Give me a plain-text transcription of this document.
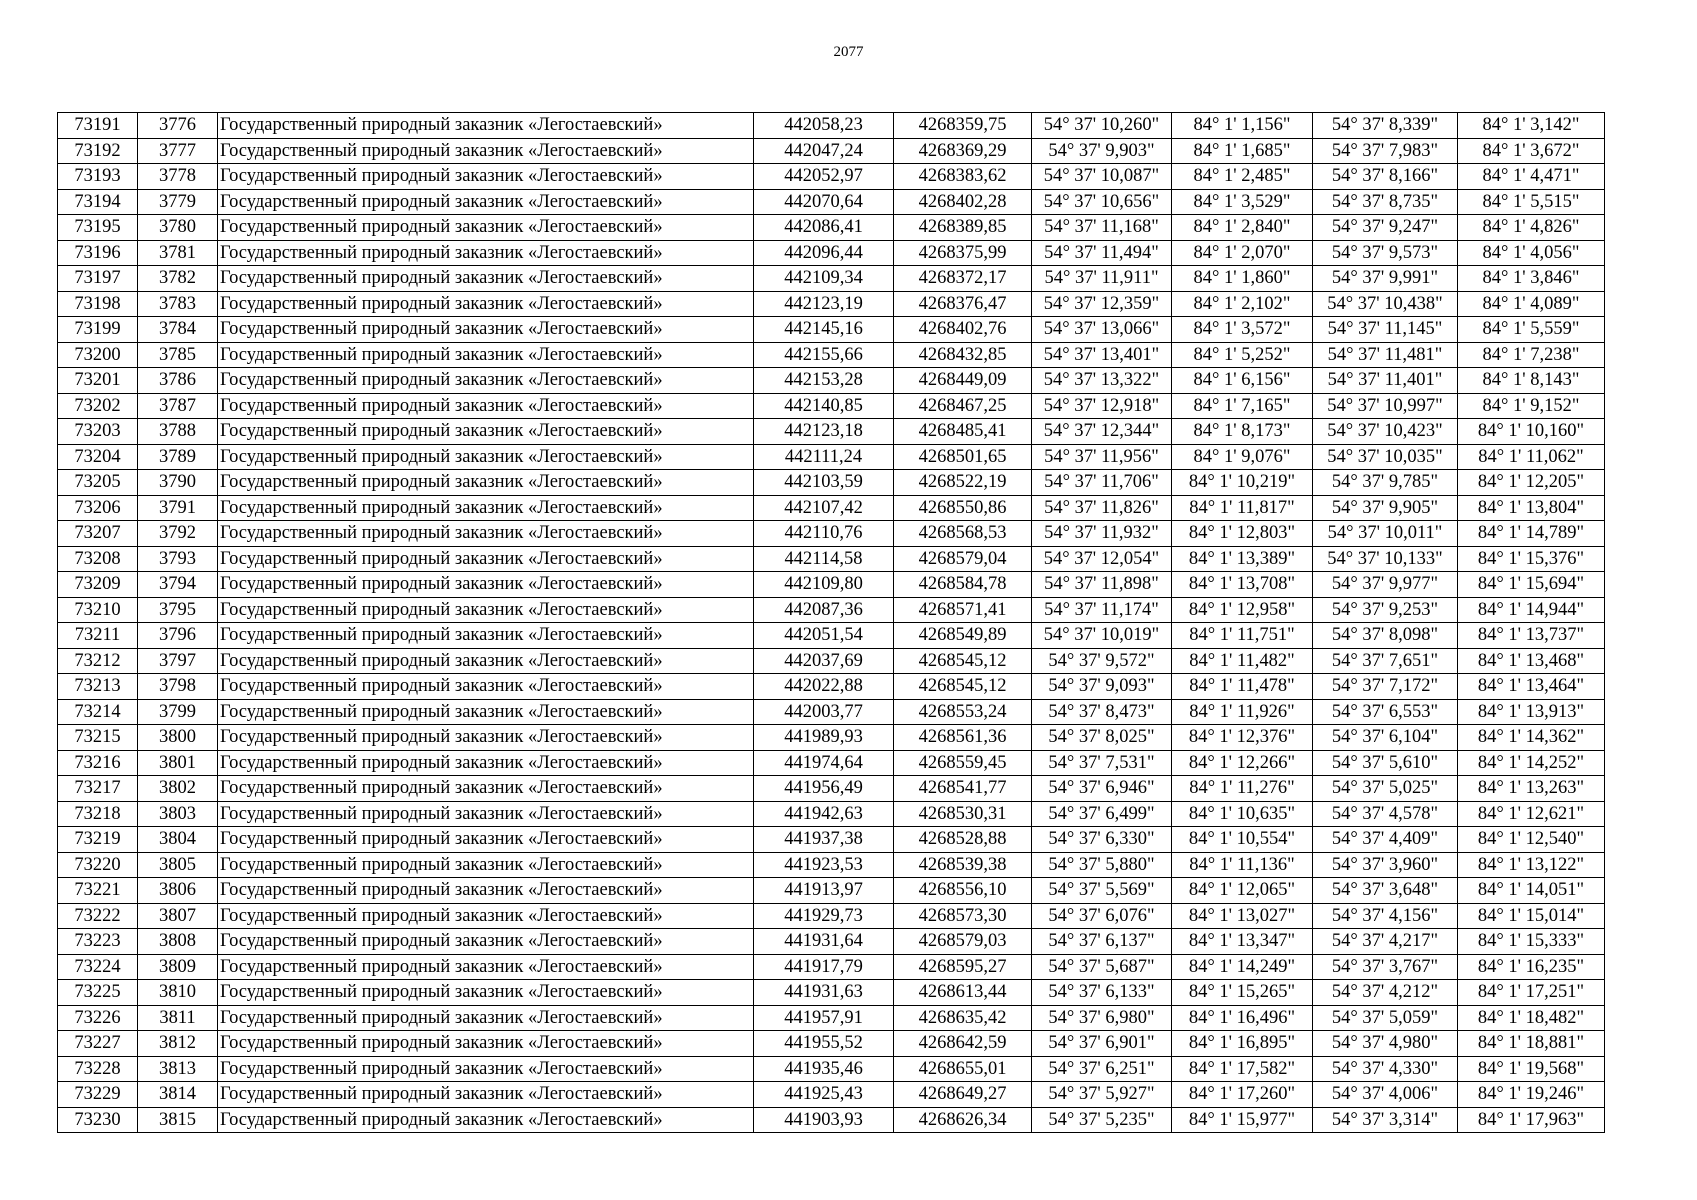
2077
73191	3776	Государственный природный заказник «Легостаевский»	442058,23	4268359,75	54° 37' 10,260"	84° 1' 1,156"	54° 37' 8,339"	84° 1' 3,142"
73192	3777	Государственный природный заказник «Легостаевский»	442047,24	4268369,29	54° 37' 9,903"	84° 1' 1,685"	54° 37' 7,983"	84° 1' 3,672"
73193	3778	Государственный природный заказник «Легостаевский»	442052,97	4268383,62	54° 37' 10,087"	84° 1' 2,485"	54° 37' 8,166"	84° 1' 4,471"
73194	3779	Государственный природный заказник «Легостаевский»	442070,64	4268402,28	54° 37' 10,656"	84° 1' 3,529"	54° 37' 8,735"	84° 1' 5,515"
73195	3780	Государственный природный заказник «Легостаевский»	442086,41	4268389,85	54° 37' 11,168"	84° 1' 2,840"	54° 37' 9,247"	84° 1' 4,826"
73196	3781	Государственный природный заказник «Легостаевский»	442096,44	4268375,99	54° 37' 11,494"	84° 1' 2,070"	54° 37' 9,573"	84° 1' 4,056"
73197	3782	Государственный природный заказник «Легостаевский»	442109,34	4268372,17	54° 37' 11,911"	84° 1' 1,860"	54° 37' 9,991"	84° 1' 3,846"
73198	3783	Государственный природный заказник «Легостаевский»	442123,19	4268376,47	54° 37' 12,359"	84° 1' 2,102"	54° 37' 10,438"	84° 1' 4,089"
73199	3784	Государственный природный заказник «Легостаевский»	442145,16	4268402,76	54° 37' 13,066"	84° 1' 3,572"	54° 37' 11,145"	84° 1' 5,559"
73200	3785	Государственный природный заказник «Легостаевский»	442155,66	4268432,85	54° 37' 13,401"	84° 1' 5,252"	54° 37' 11,481"	84° 1' 7,238"
73201	3786	Государственный природный заказник «Легостаевский»	442153,28	4268449,09	54° 37' 13,322"	84° 1' 6,156"	54° 37' 11,401"	84° 1' 8,143"
73202	3787	Государственный природный заказник «Легостаевский»	442140,85	4268467,25	54° 37' 12,918"	84° 1' 7,165"	54° 37' 10,997"	84° 1' 9,152"
73203	3788	Государственный природный заказник «Легостаевский»	442123,18	4268485,41	54° 37' 12,344"	84° 1' 8,173"	54° 37' 10,423"	84° 1' 10,160"
73204	3789	Государственный природный заказник «Легостаевский»	442111,24	4268501,65	54° 37' 11,956"	84° 1' 9,076"	54° 37' 10,035"	84° 1' 11,062"
73205	3790	Государственный природный заказник «Легостаевский»	442103,59	4268522,19	54° 37' 11,706"	84° 1' 10,219"	54° 37' 9,785"	84° 1' 12,205"
73206	3791	Государственный природный заказник «Легостаевский»	442107,42	4268550,86	54° 37' 11,826"	84° 1' 11,817"	54° 37' 9,905"	84° 1' 13,804"
73207	3792	Государственный природный заказник «Легостаевский»	442110,76	4268568,53	54° 37' 11,932"	84° 1' 12,803"	54° 37' 10,011"	84° 1' 14,789"
73208	3793	Государственный природный заказник «Легостаевский»	442114,58	4268579,04	54° 37' 12,054"	84° 1' 13,389"	54° 37' 10,133"	84° 1' 15,376"
73209	3794	Государственный природный заказник «Легостаевский»	442109,80	4268584,78	54° 37' 11,898"	84° 1' 13,708"	54° 37' 9,977"	84° 1' 15,694"
73210	3795	Государственный природный заказник «Легостаевский»	442087,36	4268571,41	54° 37' 11,174"	84° 1' 12,958"	54° 37' 9,253"	84° 1' 14,944"
73211	3796	Государственный природный заказник «Легостаевский»	442051,54	4268549,89	54° 37' 10,019"	84° 1' 11,751"	54° 37' 8,098"	84° 1' 13,737"
73212	3797	Государственный природный заказник «Легостаевский»	442037,69	4268545,12	54° 37' 9,572"	84° 1' 11,482"	54° 37' 7,651"	84° 1' 13,468"
73213	3798	Государственный природный заказник «Легостаевский»	442022,88	4268545,12	54° 37' 9,093"	84° 1' 11,478"	54° 37' 7,172"	84° 1' 13,464"
73214	3799	Государственный природный заказник «Легостаевский»	442003,77	4268553,24	54° 37' 8,473"	84° 1' 11,926"	54° 37' 6,553"	84° 1' 13,913"
73215	3800	Государственный природный заказник «Легостаевский»	441989,93	4268561,36	54° 37' 8,025"	84° 1' 12,376"	54° 37' 6,104"	84° 1' 14,362"
73216	3801	Государственный природный заказник «Легостаевский»	441974,64	4268559,45	54° 37' 7,531"	84° 1' 12,266"	54° 37' 5,610"	84° 1' 14,252"
73217	3802	Государственный природный заказник «Легостаевский»	441956,49	4268541,77	54° 37' 6,946"	84° 1' 11,276"	54° 37' 5,025"	84° 1' 13,263"
73218	3803	Государственный природный заказник «Легостаевский»	441942,63	4268530,31	54° 37' 6,499"	84° 1' 10,635"	54° 37' 4,578"	84° 1' 12,621"
73219	3804	Государственный природный заказник «Легостаевский»	441937,38	4268528,88	54° 37' 6,330"	84° 1' 10,554"	54° 37' 4,409"	84° 1' 12,540"
73220	3805	Государственный природный заказник «Легостаевский»	441923,53	4268539,38	54° 37' 5,880"	84° 1' 11,136"	54° 37' 3,960"	84° 1' 13,122"
73221	3806	Государственный природный заказник «Легостаевский»	441913,97	4268556,10	54° 37' 5,569"	84° 1' 12,065"	54° 37' 3,648"	84° 1' 14,051"
73222	3807	Государственный природный заказник «Легостаевский»	441929,73	4268573,30	54° 37' 6,076"	84° 1' 13,027"	54° 37' 4,156"	84° 1' 15,014"
73223	3808	Государственный природный заказник «Легостаевский»	441931,64	4268579,03	54° 37' 6,137"	84° 1' 13,347"	54° 37' 4,217"	84° 1' 15,333"
73224	3809	Государственный природный заказник «Легостаевский»	441917,79	4268595,27	54° 37' 5,687"	84° 1' 14,249"	54° 37' 3,767"	84° 1' 16,235"
73225	3810	Государственный природный заказник «Легостаевский»	441931,63	4268613,44	54° 37' 6,133"	84° 1' 15,265"	54° 37' 4,212"	84° 1' 17,251"
73226	3811	Государственный природный заказник «Легостаевский»	441957,91	4268635,42	54° 37' 6,980"	84° 1' 16,496"	54° 37' 5,059"	84° 1' 18,482"
73227	3812	Государственный природный заказник «Легостаевский»	441955,52	4268642,59	54° 37' 6,901"	84° 1' 16,895"	54° 37' 4,980"	84° 1' 18,881"
73228	3813	Государственный природный заказник «Легостаевский»	441935,46	4268655,01	54° 37' 6,251"	84° 1' 17,582"	54° 37' 4,330"	84° 1' 19,568"
73229	3814	Государственный природный заказник «Легостаевский»	441925,43	4268649,27	54° 37' 5,927"	84° 1' 17,260"	54° 37' 4,006"	84° 1' 19,246"
73230	3815	Государственный природный заказник «Легостаевский»	441903,93	4268626,34	54° 37' 5,235"	84° 1' 15,977"	54° 37' 3,314"	84° 1' 17,963"
